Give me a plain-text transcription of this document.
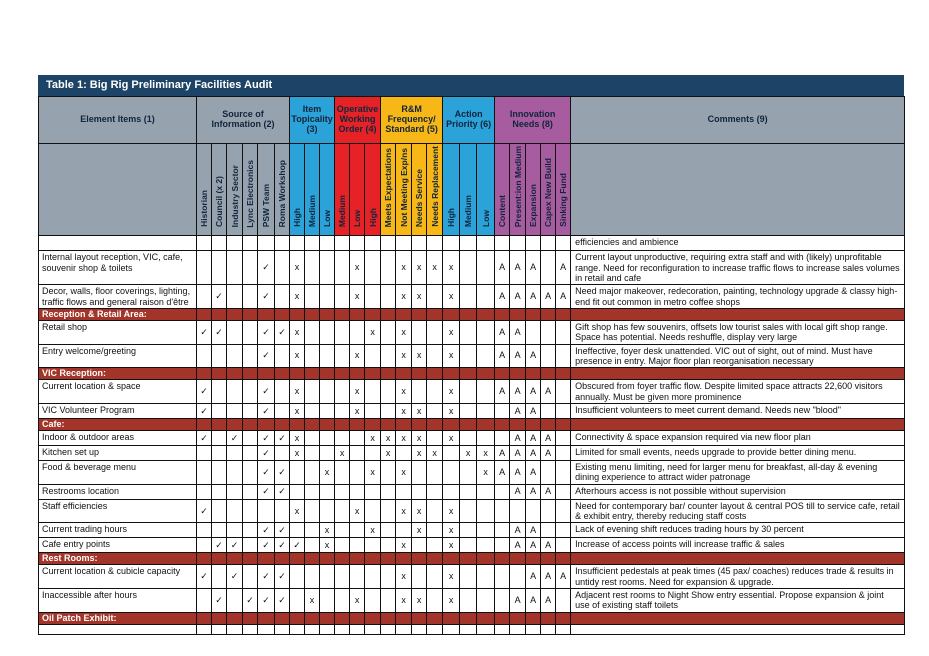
Table 1: Big Rig Preliminary Facilities Audit
Element Items (1)	Source of Information (2)						Item Topicality (3)			Operative Working Order (4)			R&M Frequency/ Standard (5)				Action Priority (6)			Innovation Needs (8)					Comments (9)
	Historian	Council (x 2)	Industry Sector	Lync Electronics	PSW Team	Roma Workshop	High	Medium	Low	Medium	Low	High	Meets Expectations	Not Meeting Exp/ns	Needs Service	Needs Replacement	High	Medium	Low	Content	Present:ion Medium	Expansion	Capex New Build	Sinking Fund	
																									efficiencies and ambience
Internal layout reception, VIC, cafe, souvenir shop & toilets					✓		x				x			x	x	x	x			A	A	A		A	Current layout unproductive, requiring extra staff and with (likely) unprofitable range. Need for reconfiguration to increase traffic flows to increase sales volumes in retail and cafe
Decor, walls, floor coverings, lighting, traffic flows and general raison d'être		✓			✓		x				x			x	x		x			A	A	A	A	A	Need major makeover, redecoration, painting, technology upgrade & classy high-end fit out common in metro coffee shops
Reception & Retail Area:																									
Retail shop	✓	✓			✓	✓	x					x		x			x			A	A				Gift shop has few souvenirs, offsets low tourist sales with local gift shop range. Space has potential. Needs reshuffle, display very large
Entry welcome/greeting					✓		x				x			x	x		x			A	A	A			Ineffective, foyer desk unattended. VIC out of sight, out of mind. Must have presence in entry. Major floor plan reorganisation necessary
VIC Reception:																									
Current location & space	✓				✓		x				x			x			x			A	A	A	A		Obscured from foyer traffic flow. Despite limited space attracts 22,600 visitors annually. Must be given more prominence
VIC Volunteer Program	✓				✓		x				x			x	x		x				A	A			Insufficient volunteers to meet current demand. Needs new "blood"
Cafe:																									
Indoor & outdoor areas	✓		✓		✓	✓	x					x	x	x	x		x				A	A	A		Connectivity & space expansion required via new floor plan
Kitchen set up					✓		x			x			x		x	x		x	x	A	A	A	A		Limited for small events, needs upgrade to provide better dining menu.
Food & beverage menu					✓	✓			x			x		x					x	A	A	A			Existing menu limiting, need for larger menu for breakfast, all-day & evening dining experience to attract wider patronage
Restrooms location					✓	✓															A	A	A		Afterhours access is not possible without supervision
Staff efficiencies	✓						x				x			x	x		x								Need for contemporary bar/ counter layout & central POS till to service cafe, retail & exhibit entry, thereby reducing staff costs
Current trading hours					✓	✓			x			x			x		x				A	A			Lack of evening shift reduces trading hours by 30 percent
Cafe entry points		✓	✓		✓	✓	✓		x					x			x				A	A	A		Increase of access points will increase traffic & sales
Rest Rooms:																									
Current location & cubicle capacity	✓		✓		✓	✓								x			x					A	A	A	Insufficient pedestals at peak times (45 pax/ coaches) reduces trade & results in untidy rest rooms. Need for expansion & upgrade.
Inaccessible after hours		✓		✓	✓	✓		x			x			x	x		x				A	A	A		Adjacent rest rooms to Night Show entry essential. Propose expansion & joint use of existing staff toilets
Oil Patch Exhibit:																									
